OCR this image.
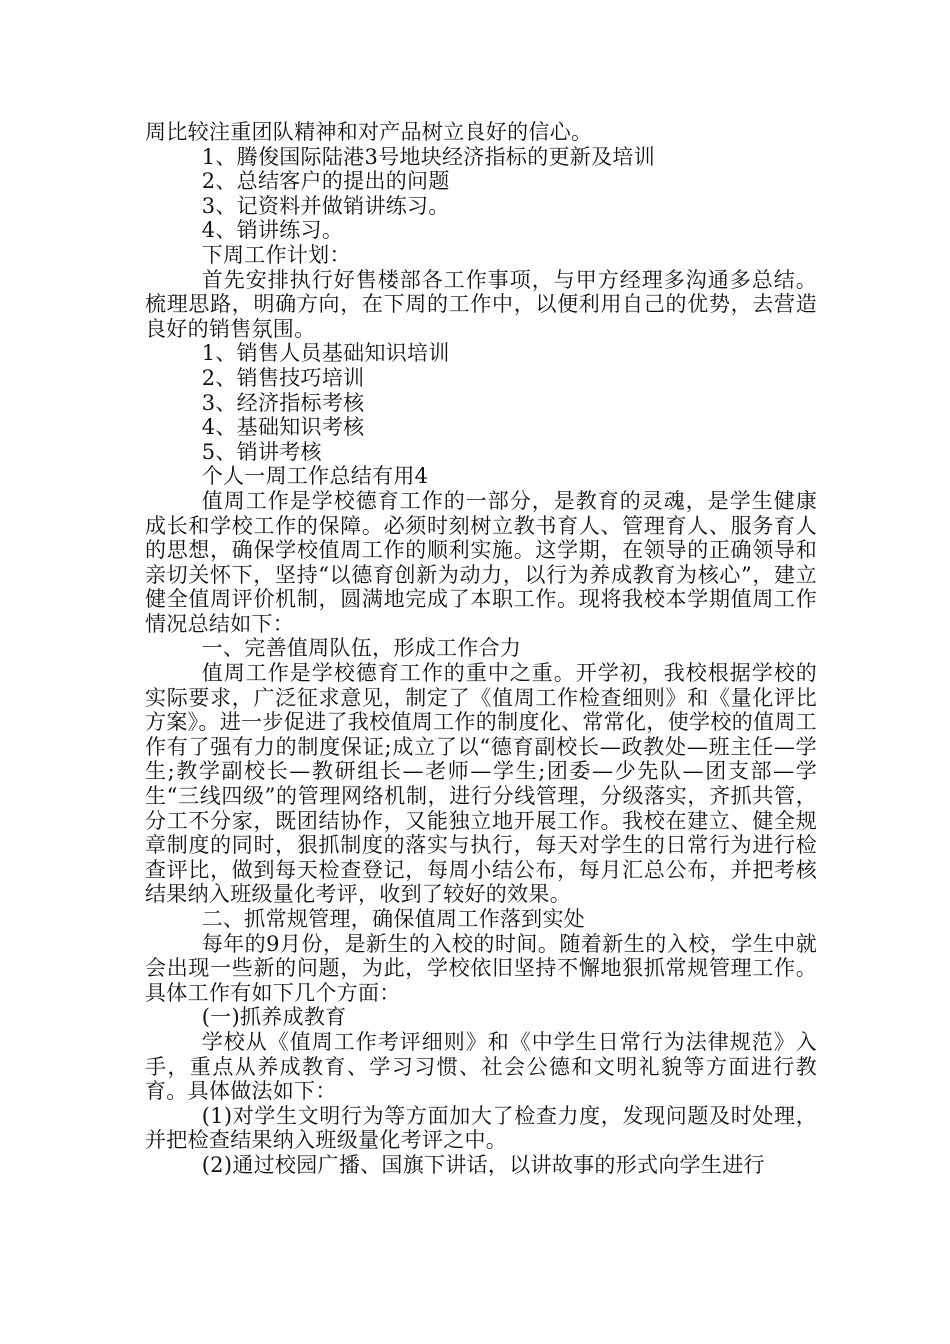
周比较注重团队精神和对产品树立良好的信心。

1、腾俊国际陆港3号地块经济指标的更新及培训

2、总结客户的提出的问题

3、记资料并做销讲练习。

4、销讲练习。

下周工作计划：

首先安排执行好售楼部各工作事项，与甲方经理多沟通多总结。梳理思路，明确方向，在下周的工作中，以便利用自己的优势，去营造良好的销售氛围。

1、销售人员基础知识培训

2、销售技巧培训

3、经济指标考核

4、基础知识考核

5、销讲考核

个人一周工作总结有用4

值周工作是学校德育工作的一部分，是教育的灵魂，是学生健康成长和学校工作的保障。必须时刻树立教书育人、管理育人、服务育人的思想，确保学校值周工作的顺利实施。这学期，在领导的正确领导和亲切关怀下，坚持“以德育创新为动力，以行为养成教育为核心”，建立健全值周评价机制，圆满地完成了本职工作。现将我校本学期值周工作情况总结如下：

一、完善值周队伍，形成工作合力

值周工作是学校德育工作的重中之重。开学初，我校根据学校的实际要求，广泛征求意见，制定了《值周工作检查细则》和《量化评比方案》。进一步促进了我校值周工作的制度化、常常化，使学校的值周工作有了强有力的制度保证;成立了以“德育副校长—政教处—班主任—学生;教学副校长—教研组长—老师—学生;团委—少先队—团支部—学生“三线四级”的管理网络机制，进行分线管理，分级落实，齐抓共管，分工不分家，既团结协作，又能独立地开展工作。我校在建立、健全规章制度的同时，狠抓制度的落实与执行，每天对学生的日常行为进行检查评比，做到每天检查登记，每周小结公布，每月汇总公布，并把考核结果纳入班级量化考评，收到了较好的效果。

二、抓常规管理，确保值周工作落到实处

每年的9月份，是新生的入校的时间。随着新生的入校，学生中就会出现一些新的问题，为此，学校依旧坚持不懈地狠抓常规管理工作。具体工作有如下几个方面：

(一)抓养成教育

学校从《值周工作考评细则》和《中学生日常行为法律规范》入手，重点从养成教育、学习习惯、社会公德和文明礼貌等方面进行教育。具体做法如下：

(1)对学生文明行为等方面加大了检查力度，发现问题及时处理，并把检查结果纳入班级量化考评之中。

(2)通过校园广播、国旗下讲话，以讲故事的形式向学生进行
